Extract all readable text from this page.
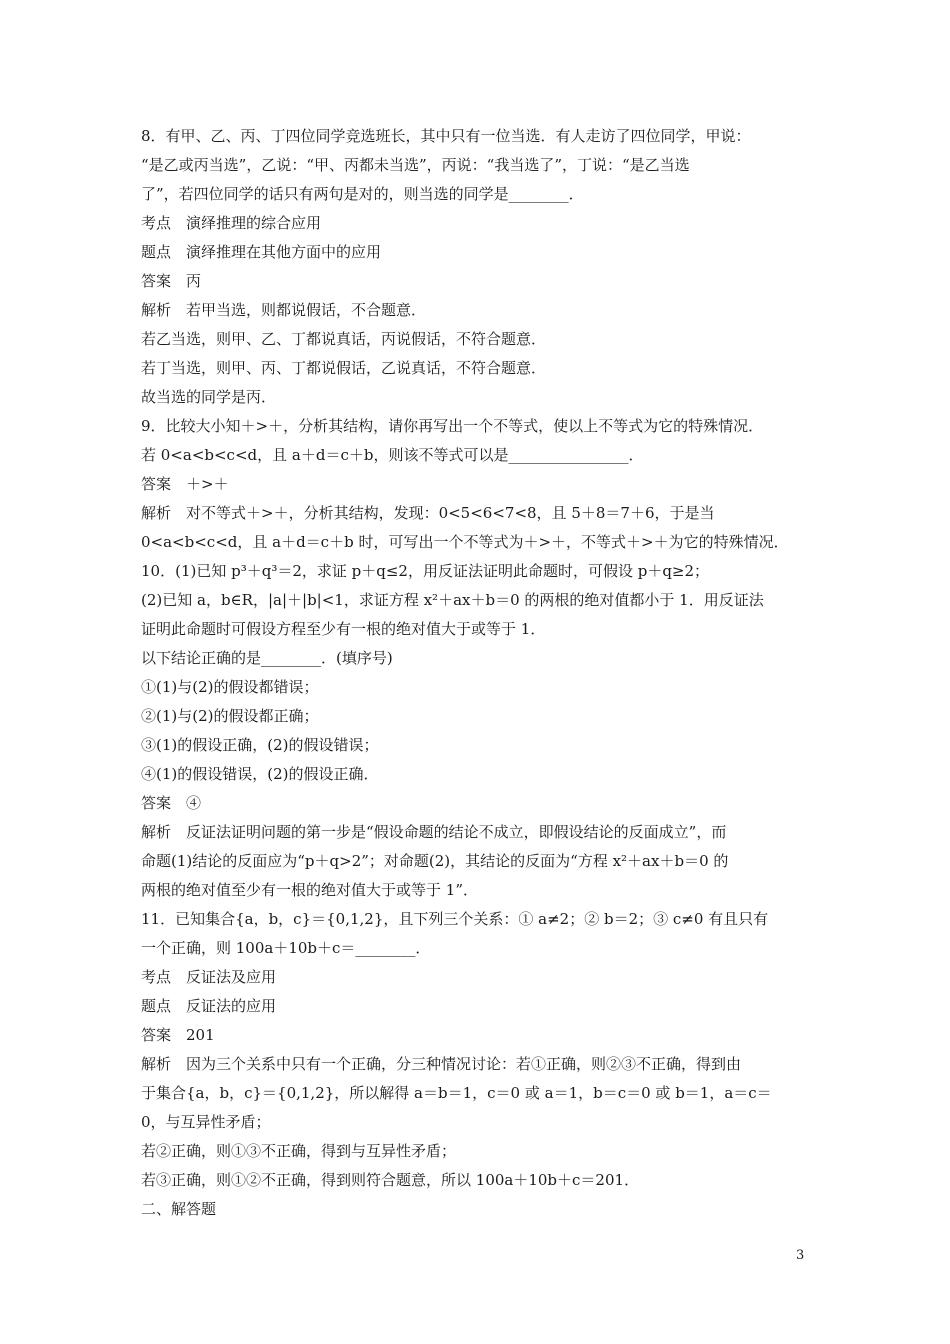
8．有甲、乙、丙、丁四位同学竞选班长，其中只有一位当选．有人走访了四位同学，甲说：
“是乙或丙当选”，乙说：“甲、丙都未当选”，丙说：“我当选了”，丁说：“是乙当选
了”，若四位同学的话只有两句是对的，则当选的同学是________．
考点　演绎推理的综合应用
题点　演绎推理在其他方面中的应用
答案　丙
解析　若甲当选，则都说假话，不合题意．
若乙当选，则甲、乙、丁都说真话，丙说假话，不符合题意．
若丁当选，则甲、丙、丁都说假话，乙说真话，不符合题意．
故当选的同学是丙．
9．比较大小知＋>＋，分析其结构，请你再写出一个不等式，使以上不等式为它的特殊情况．
若 0<a<b<c<d，且 a＋d＝c＋b，则该不等式可以是________________．
答案　＋>＋
解析　对不等式＋>＋，分析其结构，发现：0<5<6<7<8，且 5＋8＝7＋6，于是当
0<a<b<c<d，且 a＋d＝c＋b 时，可写出一个不等式为＋>＋，不等式＋>＋为它的特殊情况．
10．(1)已知 p³＋q³＝2，求证 p＋q≤2，用反证法证明此命题时，可假设 p＋q≥2；
(2)已知 a，b∈R，|a|＋|b|<1，求证方程 x²＋ax＋b＝0 的两根的绝对值都小于 1．用反证法
证明此命题时可假设方程至少有一根的绝对值大于或等于 1．
以下结论正确的是________．(填序号)
①(1)与(2)的假设都错误；
②(1)与(2)的假设都正确；
③(1)的假设正确，(2)的假设错误；
④(1)的假设错误，(2)的假设正确．
答案　④
解析　反证法证明问题的第一步是“假设命题的结论不成立，即假设结论的反面成立”，而
命题(1)结论的反面应为“p＋q>2”；对命题(2)，其结论的反面为“方程 x²＋ax＋b＝0 的
两根的绝对值至少有一根的绝对值大于或等于 1”．
11．已知集合{a，b，c}＝{0,1,2}，且下列三个关系：① a≠2；② b＝2；③ c≠0 有且只有
一个正确，则 100a＋10b＋c＝________．
考点　反证法及应用
题点　反证法的应用
答案　201
解析　因为三个关系中只有一个正确，分三种情况讨论：若①正确，则②③不正确，得到由
于集合{a，b，c}＝{0,1,2}，所以解得 a＝b＝1，c＝0 或 a＝1，b＝c＝0 或 b＝1，a＝c＝
0，与互异性矛盾；
若②正确，则①③不正确，得到与互异性矛盾；
若③正确，则①②不正确，得到则符合题意，所以 100a＋10b＋c＝201．
二、解答题
3
